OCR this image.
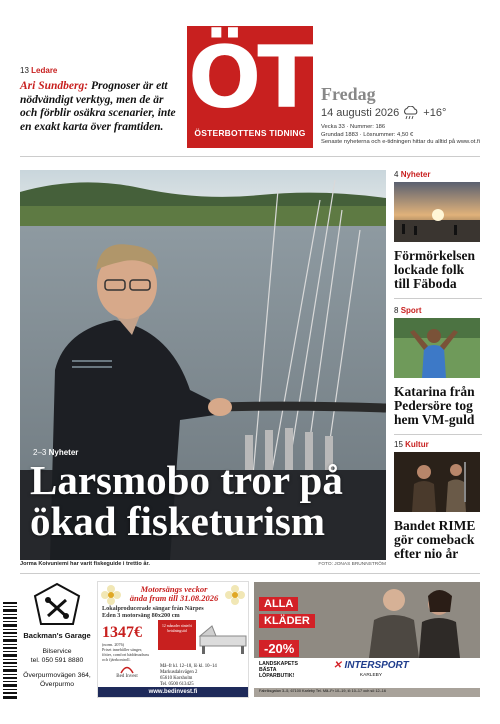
13 Ledare
Ari Sundberg: Prognoser är ett nödvändigt verktyg, men de är och förblir osäkra scenarier, inte en exakt karta över framtiden. ÖT
ÖSTERBOTTENS TIDNING
Fredag
14 augusti 2026 +16°
Vecka 33 · Nummer: 186
Grundad 1883 · Lösnummer: 4,50 €
Senaste nyheterna och e-tidningen hittar du alltid på www.ot.fi
2–3 Nyheter
Larsmobo tror på
ökad fisketurism
Jorma Koivuniemi har varit fiskeguide i trettio år.	FOTO: JONAS BRUNNSTRÖM
4 Nyheter
Förmörkelsen lockade folk till Fäboda
8 Sport
Katarina från Pedersöre tog hem VM-guld
15 Kultur
Bandet RIME gör comeback efter nio år
Backman's Garage
Bilservice
tel. 050 591 8880
Överpurmovägen 364,
Överpurmo
Motorsängs veckor
ända fram till 31.08.2026
Lokalproducerade sängar från Närpes
Eden 3 motorsäng 80x200 cm
1347€
(norm. 2076)
Priset innehåller sänger, fötter, comfort bäddmadrass och fjärrkontroll.
12 månader räntefri betalningstid
Bed Invest
Må–fr kl. 12–18, lö kl. 10–14
Markusdalsvägen 2
65610 Korsholm
Tel. 0500 613425
www.bedinvest.fi
ALLA
KLÄDER
-20%
LANDSKAPETS
BÄSTA
LÖPARBUTIK!
✕ INTERSPORT
KARLEBY
Fabriksgatan 3–5, 67100 Karleby Tel. Må–Fr 10–19, lö 10–17 och sö 12–16
